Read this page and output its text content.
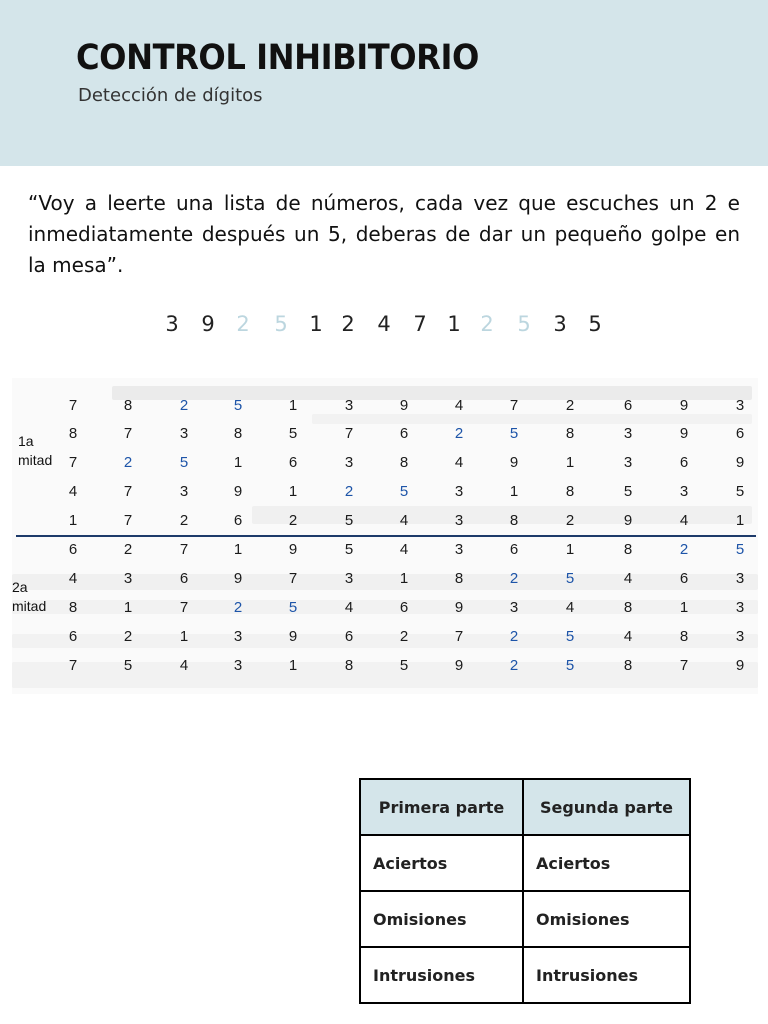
CONTROL INHIBITORIO
Detección de dígitos

“Voy a leerte una lista de números, cada vez que escuches un 2 e inmediatamente después un 5, deberas de dar un pequeño golpe en la mesa”.

3 9 2 5 1 2 4 7 1 2 5 3 5
1a
mitad
2a
mitad
7	8	2	5	1	3	9	4	7	2	6	9	3
8	7	3	8	5	7	6	2	5	8	3	9	6
7	2	5	1	6	3	8	4	9	1	3	6	9
4	7	3	9	1	2	5	3	1	8	5	3	5
1	7	2	6	2	5	4	3	8	2	9	4	1
6	2	7	1	9	5	4	3	6	1	8	2	5
4	3	6	9	7	3	1	8	2	5	4	6	3
8	1	7	2	5	4	6	9	3	4	8	1	3
6	2	1	3	9	6	2	7	2	5	4	8	3
7	5	4	3	1	8	5	9	2	5	8	7	9
Primera parte	Segunda parte
Aciertos	Aciertos
Omisiones	Omisiones
Intrusiones	Intrusiones
